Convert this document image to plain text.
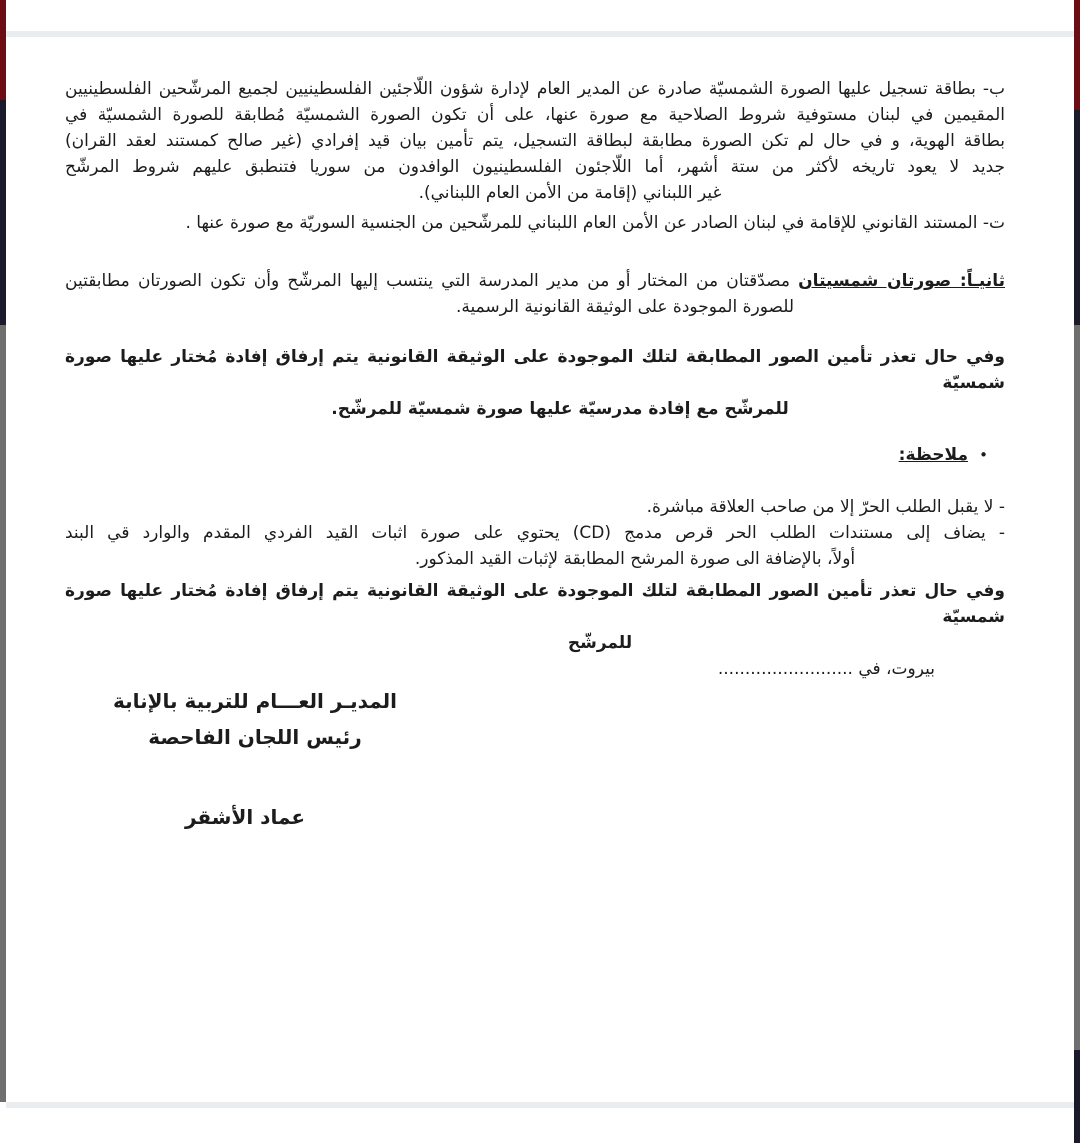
ب- بطاقة تسجيل عليها الصورة الشمسيّة صادرة عن المدير العام لإدارة شؤون اللّاجئين الفلسطينيين لجميع المرشّحين الفلسطينيين
المقيمين في لبنان مستوفية شروط الصلاحية مع صورة عنها، على أن تكون الصورة الشمسيّة مُطابقة للصورة الشمسيّة في
بطاقة الهوية، و في حال لم تكن الصورة مطابقة لبطاقة التسجيل، يتم تأمين بيان قيد إفرادي (غير صالح كمستند لعقد القران)
جديد لا يعود تاريخه لأكثر من ستة أشهر، أما اللّاجئون الفلسطينيون الوافدون من سوريا فتنطبق عليهم شروط المرشّح
غير اللبناني (إقامة من الأمن العام اللبناني).
ت- المستند القانوني للإقامة في لبنان الصادر عن الأمن العام اللبناني للمرشّحين من الجنسية السوريّة مع صورة عنها .
ثانيـاً: صورتان شمسيتان مصدّقتان من المختار أو من مدير المدرسة التي ينتسب إليها المرشّح وأن تكون الصورتان مطابقتين
للصورة الموجودة على الوثيقة القانونية الرسمية.
وفي حال تعذر تأمين الصور المطابقة لتلك الموجودة على الوثيقة القانونية يتم إرفاق إفادة مُختار عليها صورة شمسيّة
للمرشّح مع إفادة مدرسيّة عليها صورة شمسيّة للمرشّح.
•
ملاحظة:
- لا يقبل الطلب الحرّ إلا من صاحب العلاقة مباشرة.
- يضاف إلى مستندات الطلب الحر قرص مدمج (CD) يحتوي على صورة اثبات القيد الفردي المقدم والوارد قي البند
أولاً، بالإضافة الى صورة المرشح المطابقة لإثبات القيد المذكور.
وفي حال تعذر تأمين الصور المطابقة لتلك الموجودة على الوثيقة القانونية يتم إرفاق إفادة مُختار عليها صورة شمسيّة
للمرشّح
بيروت، في .........................
المديـر العـــام للتربية بالإنابة
رئيس اللجان الفاحصة
عماد الأشقر
